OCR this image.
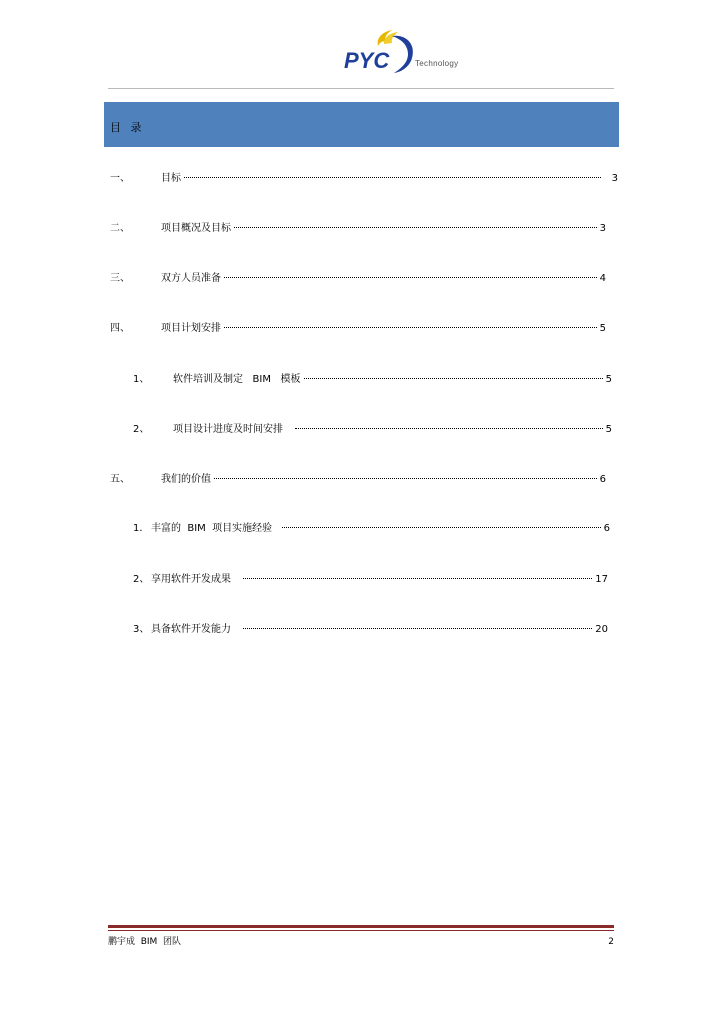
PYC	Technology
目 录
一、	目标	3
二、	项目概况及目标	3
三、	双方人员准备	4
四、	项目计划安排	5
1、	软件培训及制定   BIM   模板	5
2、	项目设计进度及时间安排	5
五、	我们的价值	6
1． 丰富的  BIM  项目实施经验	6
2、 享用软件开发成果	17
3、 具备软件开发能力	20
鹏宇成  BIM  团队	2
